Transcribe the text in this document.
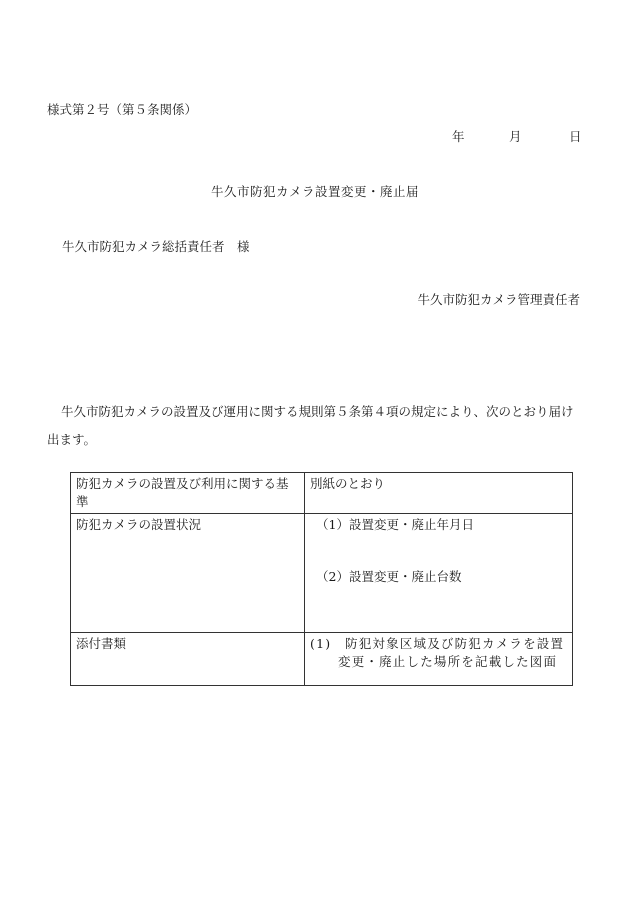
様式第２号（第５条関係）
年	月	日
牛久市防犯カメラ設置変更・廃止届
牛久市防犯カメラ総括責任者　様
牛久市防犯カメラ管理責任者
牛久市防犯カメラの設置及び運用に関する規則第５条第４項の規定により、次のとおり届け出ます。
防犯カメラの設置及び利用に関する基準	別紙のとおり
防犯カメラの設置状況	（1）設置変更・廃止年月日
（2）設置変更・廃止台数

添付書類	(1)　防犯対象区域及び防犯カメラを設置変更・廃止した場所を記載した図面
